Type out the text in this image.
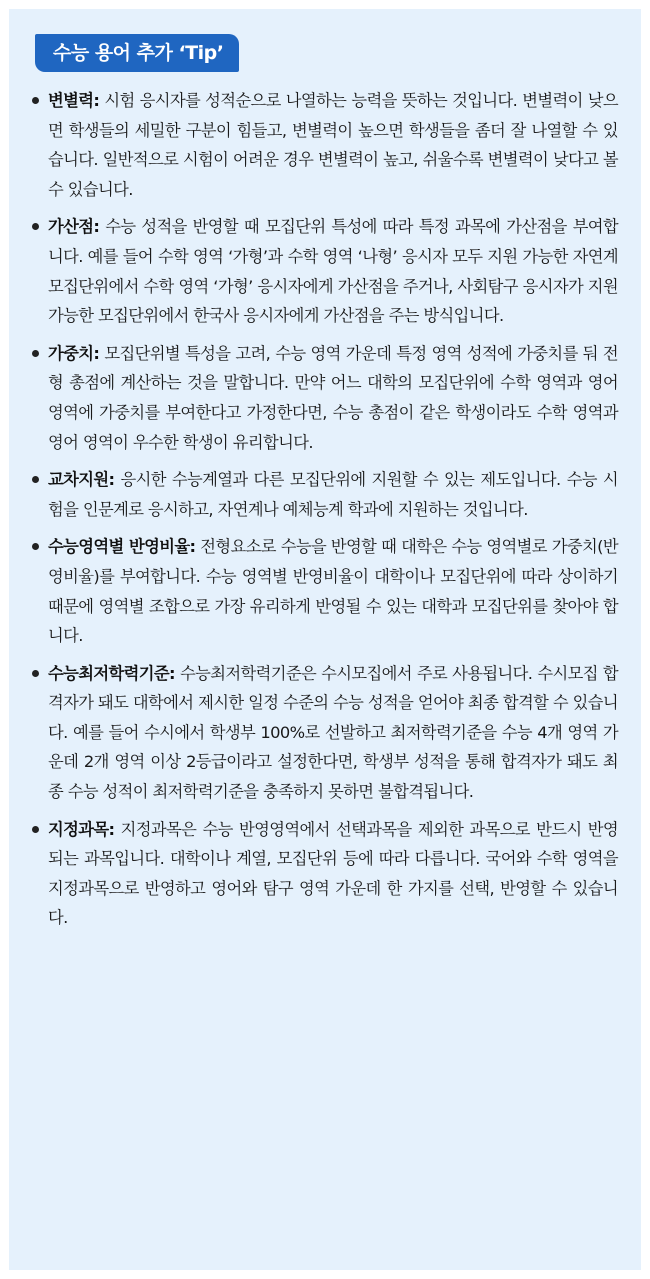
수능 용어 추가 ‘Tip’
변별력: 시험 응시자를 성적순으로 나열하는 능력을 뜻하는 것입니다. 변별력이 낮으면 학생들의 세밀한 구분이 힘들고, 변별력이 높으면 학생들을 좀더 잘 나열할 수 있습니다. 일반적으로 시험이 어려운 경우 변별력이 높고, 쉬울수록 변별력이 낮다고 볼 수 있습니다.
가산점: 수능 성적을 반영할 때 모집단위 특성에 따라 특정 과목에 가산점을 부여합니다. 예를 들어 수학 영역 ‘가형’과 수학 영역 ‘나형’ 응시자 모두 지원 가능한 자연계 모집단위에서 수학 영역 ‘가형’ 응시자에게 가산점을 주거나, 사회탐구 응시자가 지원 가능한 모집단위에서 한국사 응시자에게 가산점을 주는 방식입니다.
가중치: 모집단위별 특성을 고려, 수능 영역 가운데 특정 영역 성적에 가중치를 둬 전형 총점에 계산하는 것을 말합니다. 만약 어느 대학의 모집단위에 수학 영역과 영어 영역에 가중치를 부여한다고 가정한다면, 수능 총점이 같은 학생이라도 수학 영역과 영어 영역이 우수한 학생이 유리합니다.
교차지원: 응시한 수능계열과 다른 모집단위에 지원할 수 있는 제도입니다. 수능 시험을 인문계로 응시하고, 자연계나 예체능계 학과에 지원하는 것입니다.
수능영역별 반영비율: 전형요소로 수능을 반영할 때 대학은 수능 영역별로 가중치(반영비율)를 부여합니다. 수능 영역별 반영비율이 대학이나 모집단위에 따라 상이하기 때문에 영역별 조합으로 가장 유리하게 반영될 수 있는 대학과 모집단위를 찾아야 합니다.
수능최저학력기준: 수능최저학력기준은 수시모집에서 주로 사용됩니다. 수시모집 합격자가 돼도 대학에서 제시한 일정 수준의 수능 성적을 얻어야 최종 합격할 수 있습니다. 예를 들어 수시에서 학생부 100%로 선발하고 최저학력기준을 수능 4개 영역 가운데 2개 영역 이상 2등급이라고 설정한다면, 학생부 성적을 통해 합격자가 돼도 최종 수능 성적이 최저학력기준을 충족하지 못하면 불합격됩니다.
지정과목: 지정과목은 수능 반영영역에서 선택과목을 제외한 과목으로 반드시 반영되는 과목입니다. 대학이나 계열, 모집단위 등에 따라 다릅니다. 국어와 수학 영역을 지정과목으로 반영하고 영어와 탐구 영역 가운데 한 가지를 선택, 반영할 수 있습니다.
